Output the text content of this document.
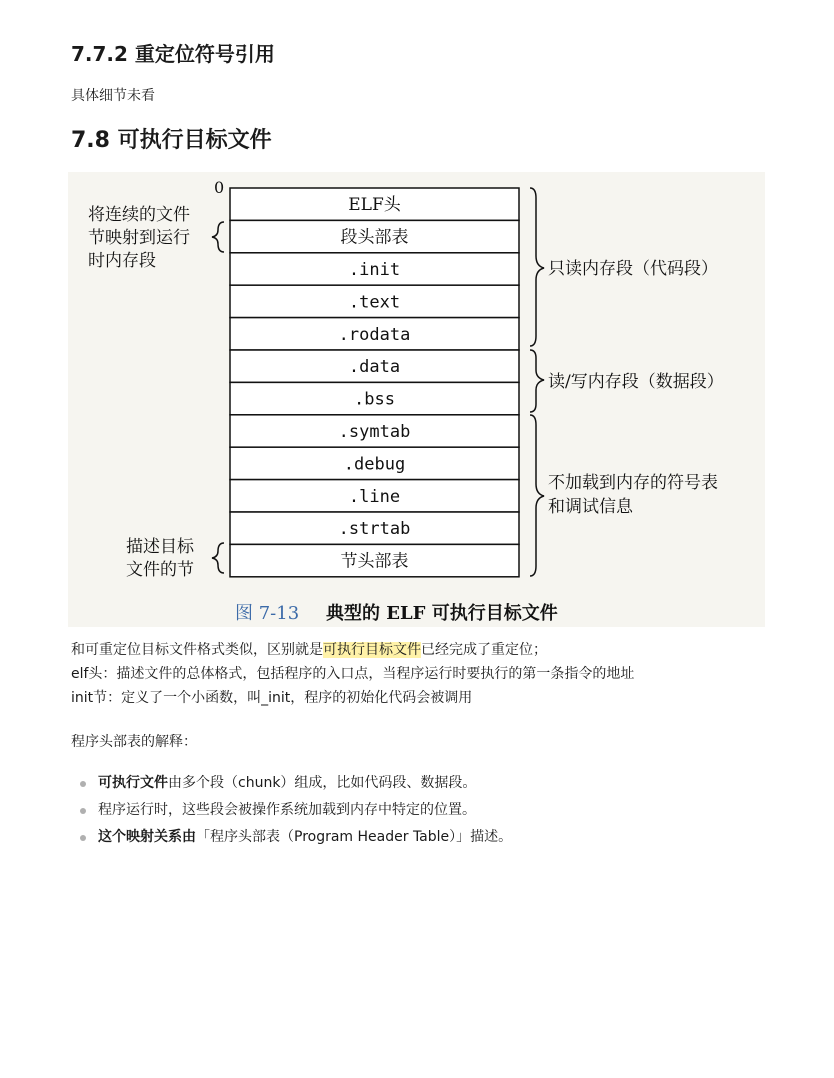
7.7.2 重定位符号引用
具体细节未看
7.8 可执行目标文件
0
ELF头
段头部表
.init
.text
.rodata
.data
.bss
.symtab
.debug
.line
.strtab
节头部表
将连续的文件 节映射到运行 时内存段
描述目标 文件的节
只读内存段（代码段）
读/写内存段（数据段）
不加载到内存的符号表 和调试信息
图 7-13 典型的 ELF 可执行目标文件
和可重定位目标文件格式类似，区别就是可执行目标文件已经完成了重定位；
elf头：描述文件的总体格式，包括程序的入口点，当程序运行时要执行的第一条指令的地址
init节：定义了一个小函数，叫_init，程序的初始化代码会被调用
程序头部表的解释：
可执行文件由多个段（chunk）组成，比如代码段、数据段。
程序运行时，这些段会被操作系统加载到内存中特定的位置。
这个映射关系由「程序头部表（Program Header Table）」描述。
